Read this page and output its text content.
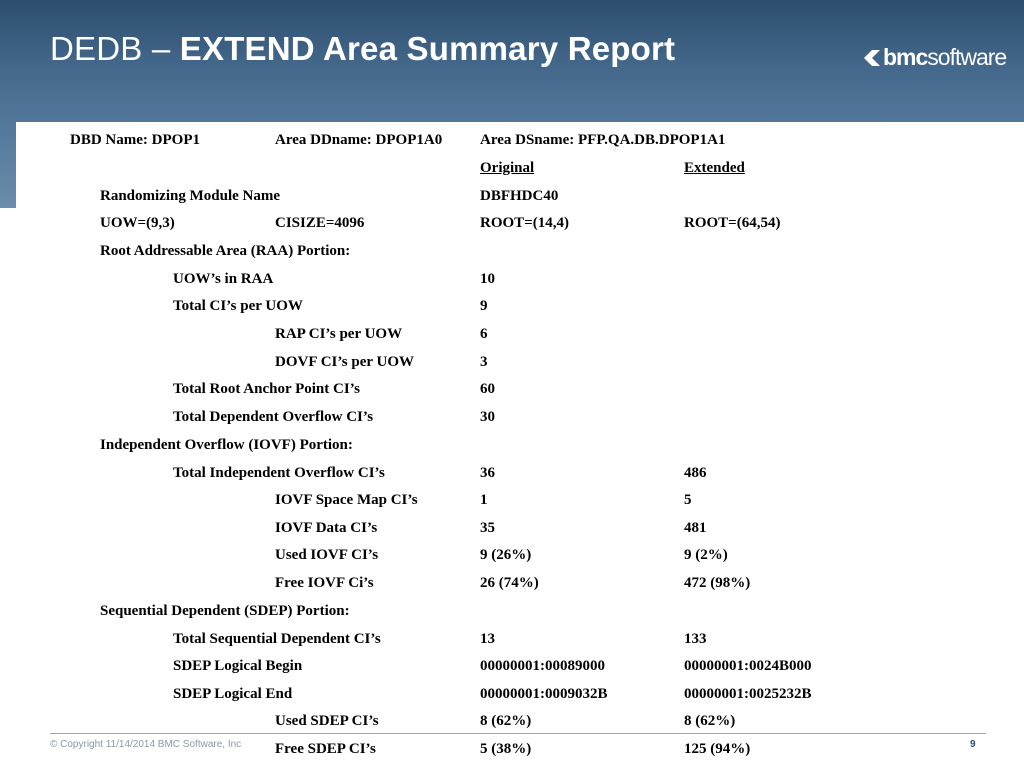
DEDB – EXTEND Area Summary Report	bmcsoftware
DBD Name: DPOP1	Area DDname: DPOP1A0	Area DSname: PFP.QA.DB.DPOP1A1
Original	Extended
Randomizing Module Name	DBFHDC40
UOW=(9,3)	CISIZE=4096	ROOT=(14,4)	ROOT=(64,54)
Root Addressable Area (RAA) Portion:
UOW’s in RAA	10
Total CI’s per UOW	9
RAP CI’s per UOW	6
DOVF CI’s per UOW	3
Total Root Anchor Point CI’s	60
Total Dependent Overflow CI’s	30
Independent Overflow (IOVF) Portion:
Total Independent Overflow CI’s	36	486
IOVF Space Map CI’s	1	5
IOVF Data CI’s	35	481
Used IOVF CI’s	9 (26%)	9 (2%)
Free IOVF Ci’s	26 (74%)	472 (98%)
Sequential Dependent (SDEP) Portion:
Total Sequential Dependent CI’s	13	133
SDEP Logical Begin	00000001:00089000	00000001:0024B000
SDEP Logical End	00000001:0009032B	00000001:0025232B
Used SDEP CI’s	8 (62%)	8 (62%)
© Copyright 11/14/2014 BMC Software, Inc	9
Free SDEP CI’s	5 (38%)	125 (94%)
